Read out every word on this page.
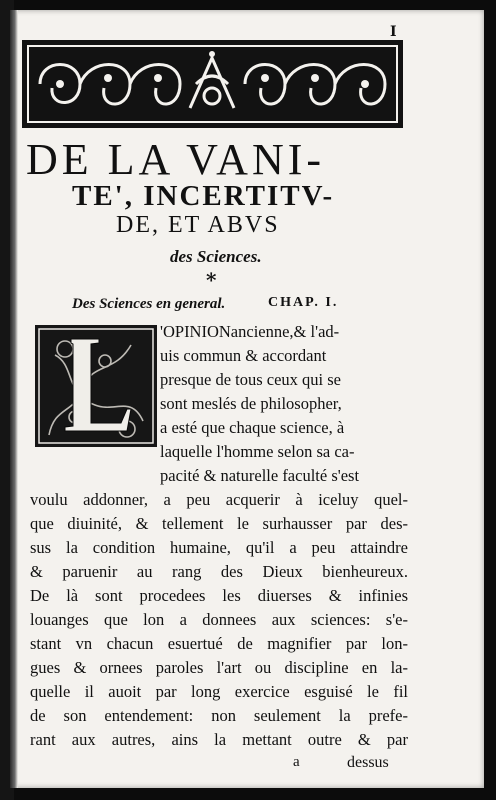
I
DE LA VANI-
TE', INCERTITV-
DE, ET ABVS
des Sciences.
*
Des Sciences en general.	CHAP. I.
'OPINIONancienne,& l'ad-
uis commun & accordant
presque de tous ceux qui se
sont meslés de philosopher,
a esté que chaque science, à
laquelle l'homme selon sa ca-
pacité & naturelle faculté s'est
voulu addonner, a peu acquerir à iceluy quel-
que diuinité, & tellement le surhausser par des-
sus la condition humaine, qu'il a peu attaindre
& paruenir au rang des Dieux bienheureux.
De là sont procedees les diuerses & infinies
louanges que lon a donnees aux sciences: s'e-
stant vn chacun esuertué de magnifier par lon-
gues & ornees paroles l'art ou discipline en la-
quelle il auoit par long exercice esguisé le fil
de son entendement: non seulement la prefe-
rant aux autres, ains la mettant outre & par
a	dessus
